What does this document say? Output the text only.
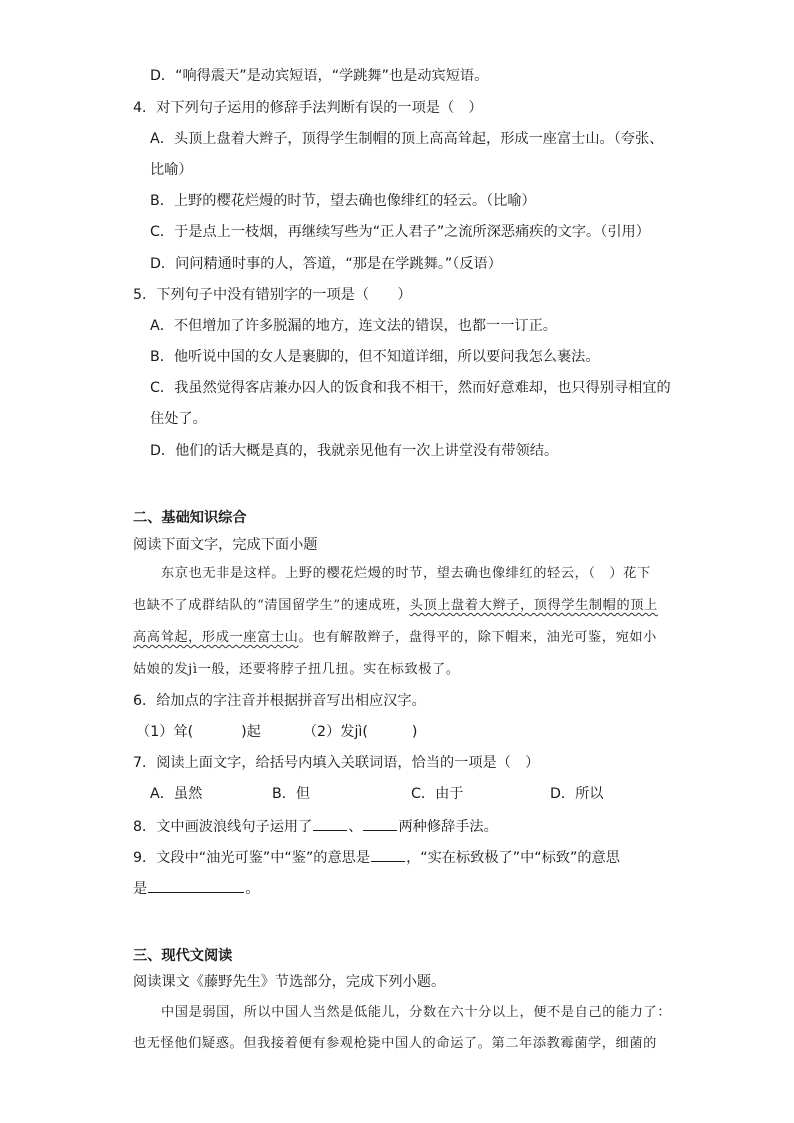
D．“响得震天”是动宾短语，“学跳舞”也是动宾短语。
4．对下列句子运用的修辞手法判断有误的一项是（　）
A．头顶上盘着大辫子，顶得学生制帽的顶上高高耸起，形成一座富士山。（夸张、
比喻）
B．上野的樱花烂熳的时节，望去确也像绯红的轻云。（比喻）
C．于是点上一枝烟，再继续写些为“正人君子”之流所深恶痛疾的文字。（引用）
D．问问精通时事的人，答道，“那是在学跳舞。”（反语）
5．下列句子中没有错别字的一项是（　　）
A．不但增加了许多脱漏的地方，连文法的错误，也都一一订正。
B．他听说中国的女人是裹脚的，但不知道详细，所以要问我怎么裹法。
C．我虽然觉得客店兼办囚人的饭食和我不相干，然而好意难却，也只得别寻相宜的
住处了。
D．他们的话大概是真的，我就亲见他有一次上讲堂没有带领结。
二、基础知识综合
阅读下面文字，完成下面小题
东京也无非是这样。上野的樱花烂熳的时节，望去确也像绯红的轻云，（　）花下
也缺不了成群结队的“清国留学生”的速成班，头顶上盘着大辫子，顶得学生制帽的顶上
高高耸起，形成一座富士山。也有解散辫子，盘得平的，除下帽来，油光可鉴，宛如小
姑娘的发jì一般，还要将脖子扭几扭。实在标致极了。
6．给加点的字注音并根据拼音写出相应汉字。
（1）耸(	)起	（2）发jì(	)
7．阅读上面文字，给括号内填入关联词语，恰当的一项是（　）
A．虽然	B．但	C．由于	D．所以
8．文中画波浪线句子运用了	、	两种修辞手法。
9．文段中“油光可鉴”中“鉴”的意思是	，“实在标致极了”中“标致”的意思
是	。
三、现代文阅读
阅读课文《藤野先生》节选部分，完成下列小题。
中国是弱国，所以中国人当然是低能儿，分数在六十分以上，便不是自己的能力了：
也无怪他们疑惑。但我接着便有参观枪毙中国人的命运了。第二年添教霉菌学，细菌的
